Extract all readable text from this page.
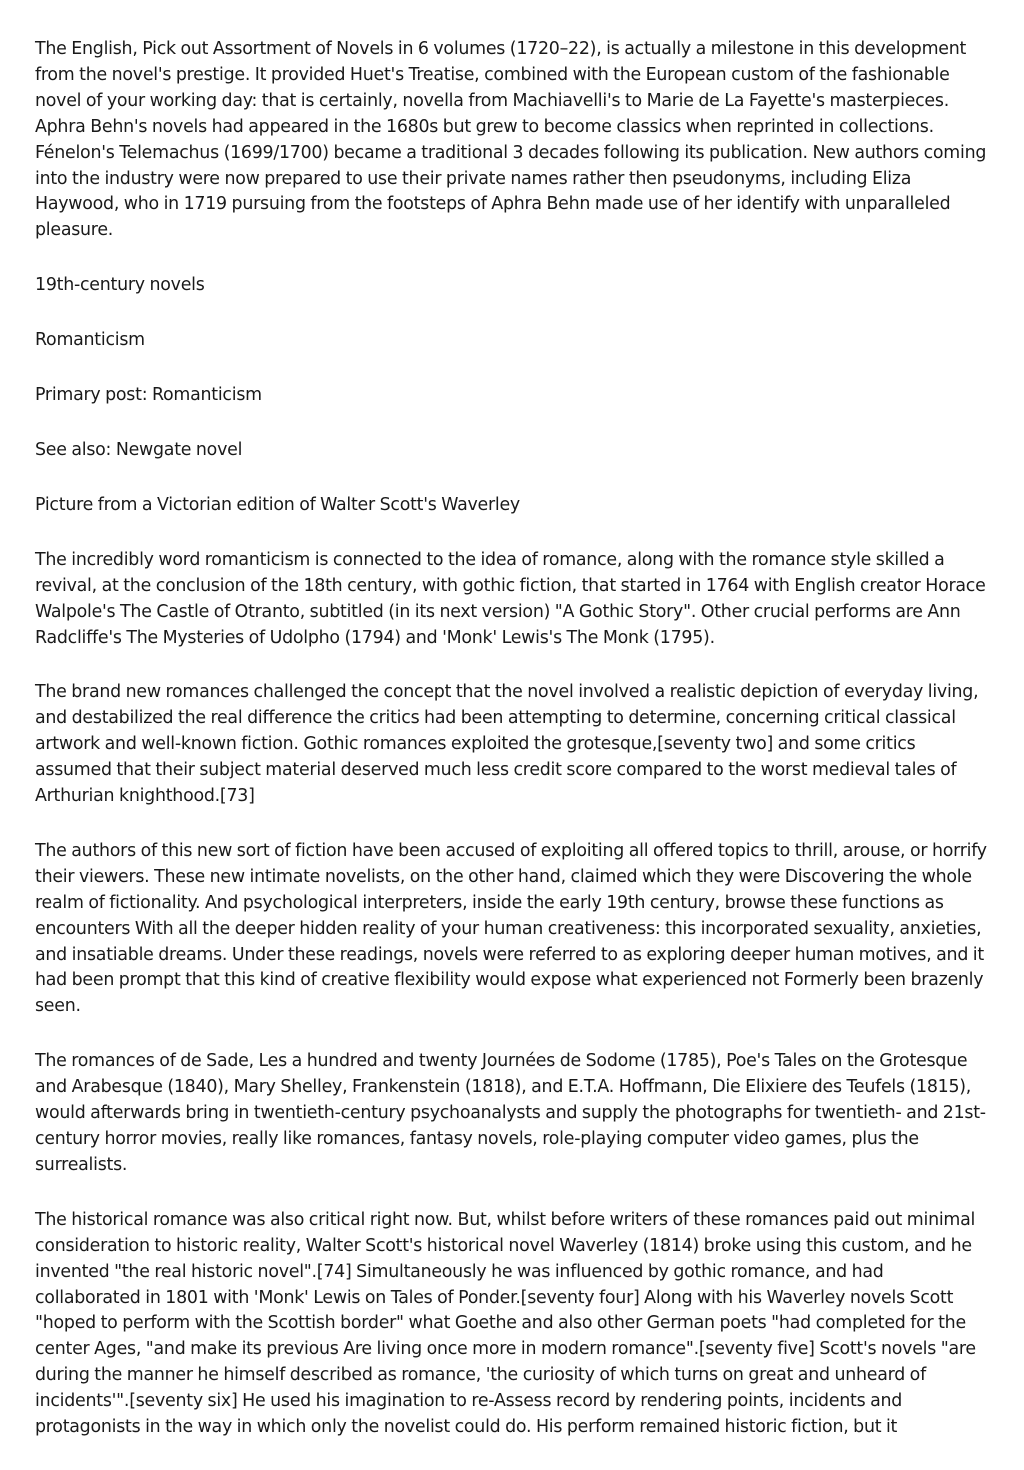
The English, Pick out Assortment of Novels in 6 volumes (1720–22), is actually a milestone in this development from the novel's prestige. It provided Huet's Treatise, combined with the European custom of the fashionable novel of your working day: that is certainly, novella from Machiavelli's to Marie de La Fayette's masterpieces. Aphra Behn's novels had appeared in the 1680s but grew to become classics when reprinted in collections. Fénelon's Telemachus (1699/1700) became a traditional 3 decades following its publication. New authors coming into the industry were now prepared to use their private names rather then pseudonyms, including Eliza Haywood, who in 1719 pursuing from the footsteps of Aphra Behn made use of her identify with unparalleled pleasure.

19th-century novels

Romanticism

Primary post: Romanticism

See also: Newgate novel

Picture from a Victorian edition of Walter Scott's Waverley

The incredibly word romanticism is connected to the idea of romance, along with the romance style skilled a revival, at the conclusion of the 18th century, with gothic fiction, that started in 1764 with English creator Horace Walpole's The Castle of Otranto, subtitled (in its next version) "A Gothic Story". Other crucial performs are Ann Radcliffe's The Mysteries of Udolpho (1794) and 'Monk' Lewis's The Monk (1795).

The brand new romances challenged the concept that the novel involved a realistic depiction of everyday living, and destabilized the real difference the critics had been attempting to determine, concerning critical classical artwork and well-known fiction. Gothic romances exploited the grotesque,[seventy two] and some critics assumed that their subject material deserved much less credit score compared to the worst medieval tales of Arthurian knighthood.[73]

The authors of this new sort of fiction have been accused of exploiting all offered topics to thrill, arouse, or horrify their viewers. These new intimate novelists, on the other hand, claimed which they were Discovering the whole realm of fictionality. And psychological interpreters, inside the early 19th century, browse these functions as encounters With all the deeper hidden reality of your human creativeness: this incorporated sexuality, anxieties, and insatiable dreams. Under these readings, novels were referred to as exploring deeper human motives, and it had been prompt that this kind of creative flexibility would expose what experienced not Formerly been brazenly seen.

The romances of de Sade, Les a hundred and twenty Journées de Sodome (1785), Poe's Tales on the Grotesque and Arabesque (1840), Mary Shelley, Frankenstein (1818), and E.T.A. Hoffmann, Die Elixiere des Teufels (1815), would afterwards bring in twentieth-century psychoanalysts and supply the photographs for twentieth- and 21st-century horror movies, really like romances, fantasy novels, role-playing computer video games, plus the surrealists.

The historical romance was also critical right now. But, whilst before writers of these romances paid out minimal consideration to historic reality, Walter Scott's historical novel Waverley (1814) broke using this custom, and he invented "the real historic novel".[74] Simultaneously he was influenced by gothic romance, and had collaborated in 1801 with 'Monk' Lewis on Tales of Ponder.[seventy four] Along with his Waverley novels Scott "hoped to perform with the Scottish border" what Goethe and also other German poets "had completed for the center Ages, "and make its previous Are living once more in modern romance".[seventy five] Scott's novels "are during the manner he himself described as romance, 'the curiosity of which turns on great and unheard of incidents'".[seventy six] He used his imagination to re-Assess record by rendering points, incidents and protagonists in the way in which only the novelist could do. His perform remained historic fiction, but it
